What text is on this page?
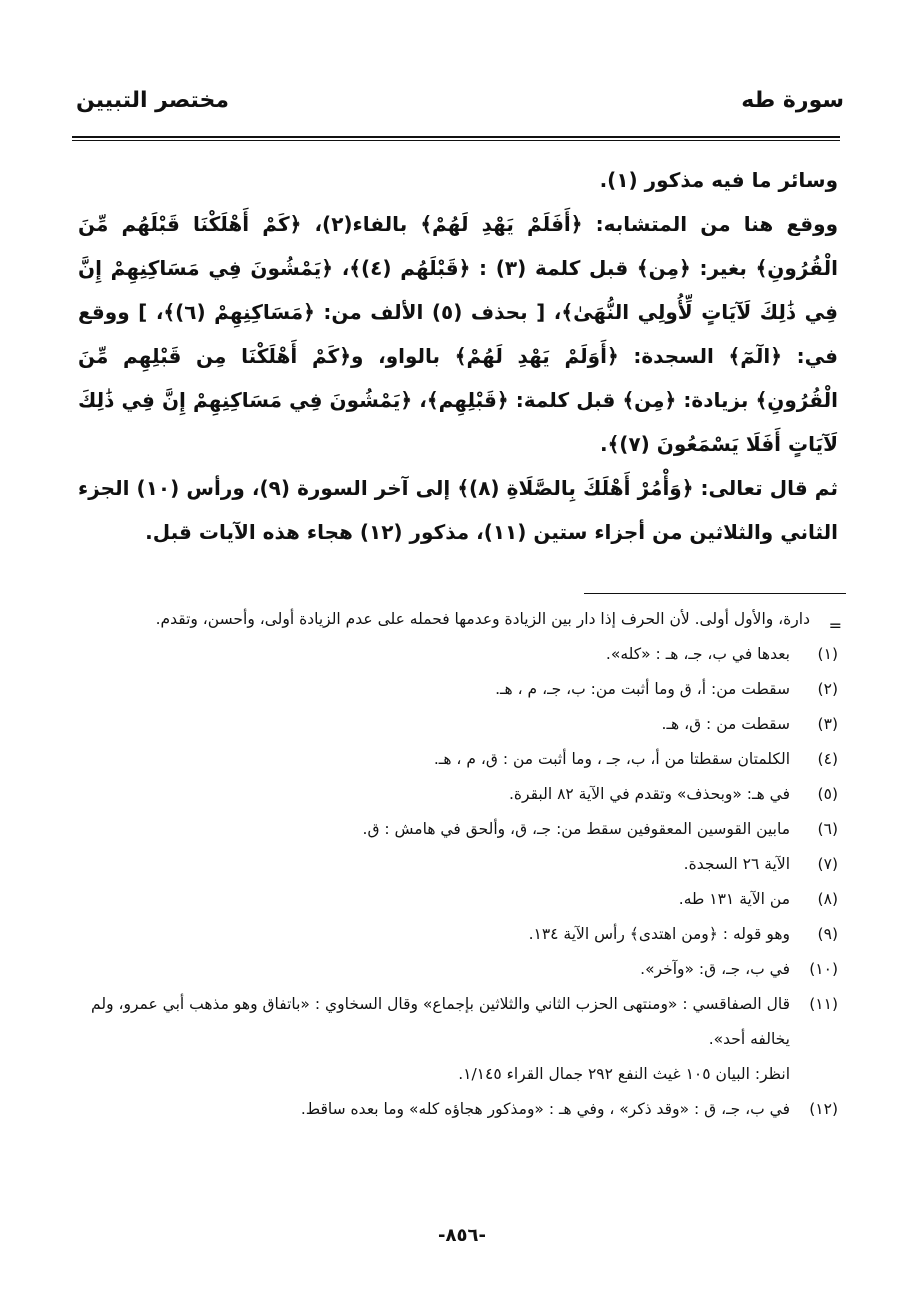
سورة طه
مختصر التبيين

وسائر ما فيه مذكور (١).

ووقع هنا من المتشابه: ﴿أَفَلَمْ يَهْدِ لَهُمْ﴾ بالفاء(٢)، ﴿كَمْ أَهْلَكْنَا قَبْلَهُم مِّنَ الْقُرُونِ﴾ بغير: ﴿مِن﴾ قبل كلمة (٣) : ﴿قَبْلَهُم (٤)﴾، ﴿يَمْشُونَ فِي مَسَاكِنِهِمْ إِنَّ فِي ذَٰلِكَ لَآيَاتٍ لِّأُولِي النُّهَىٰ﴾، [ بحذف (٥) الألف من: ﴿مَسَاكِنِهِمْ (٦)﴾، ] ووقع في: ﴿الٓمٓ﴾ السجدة: ﴿أَوَلَمْ يَهْدِ لَهُمْ﴾ بالواو، و﴿كَمْ أَهْلَكْنَا مِن قَبْلِهِم مِّنَ الْقُرُونِ﴾ بزيادة: ﴿مِن﴾ قبل كلمة: ﴿قَبْلِهِم﴾، ﴿يَمْشُونَ فِي مَسَاكِنِهِمْ إِنَّ فِي ذَٰلِكَ لَآيَاتٍ أَفَلَا يَسْمَعُونَ (٧)﴾.

ثم قال تعالى: ﴿وَأْمُرْ أَهْلَكَ بِالصَّلَاةِ (٨)﴾ إلى آخر السورة (٩)، ورأس (١٠) الجزء الثاني والثلاثين من أجزاء ستين (١١)، مذكور (١٢) هجاء هذه الآيات قبل.

=
دارة، والأول أولى. لأن الحرف إذا دار بين الزيادة وعدمها فحمله على عدم الزيادة أولى، وأحسن، وتقدم.

(١)
بعدها في ب، جـ، هـ : «كله».
(٢)
سقطت من: أ، ق وما أثبت من: ب، جـ، م ، هـ.
(٣)
سقطت من : ق، هـ.
(٤)
الكلمتان سقطتا من أ، ب، جـ ، وما أثبت من : ق، م ، هـ.
(٥)
في هـ: «وبحذف» وتقدم في الآية ٨٢ البقرة.
(٦)
مابين القوسين المعقوفين سقط من: جـ، ق، وألحق في هامش : ق.
(٧)
الآية ٢٦ السجدة.
(٨)
من الآية ١٣١ طه.
(٩)
وهو قوله : ﴿ومن اهتدى﴾ رأس الآية ١٣٤.
(١٠)
في ب، جـ، ق: «وآخر».
(١١)
قال الصفاقسي : «ومنتهى الحزب الثاني والثلاثين بإجماع» وقال السخاوي : «باتفاق وهو مذهب أبي عمرو، ولم يخالفه أحد».
انظر: البيان ١٠٥ غيث النفع ٢٩٢ جمال القراء ١/١٤٥.
(١٢)
في ب، جـ، ق : «وقد ذكر» ، وفي هـ : «ومذكور هجاؤه كله» وما بعده ساقط.
-٨٥٦-
